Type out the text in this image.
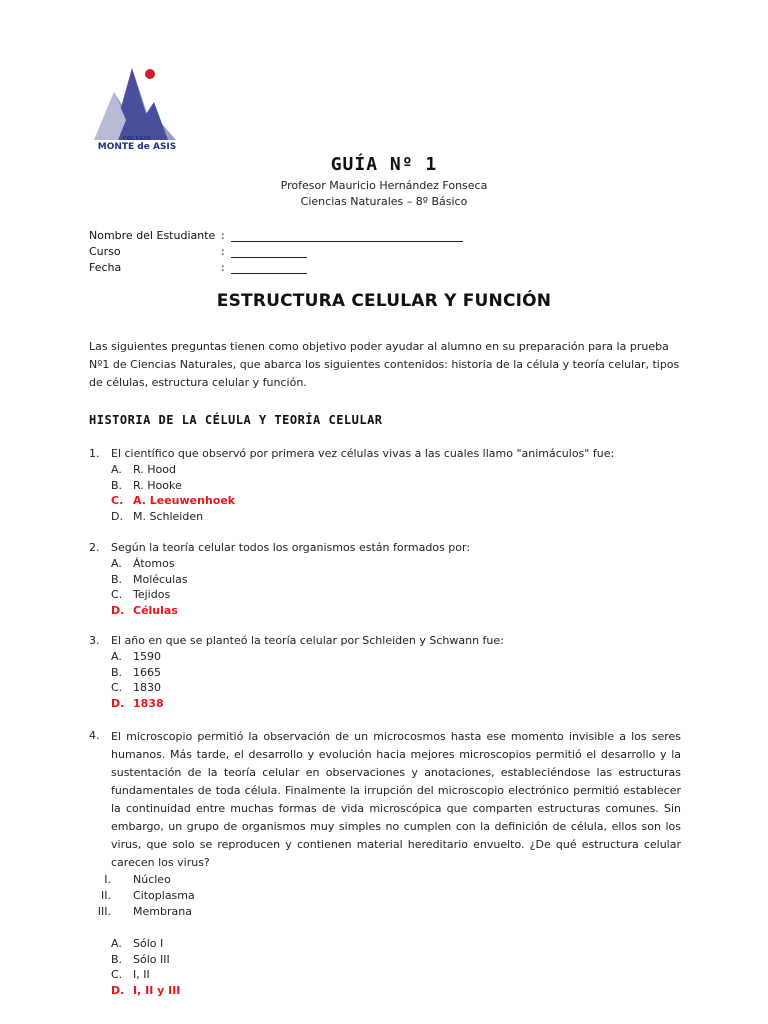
COLEGIO
MONTE de ASIS
GUÍA Nº 1
Profesor Mauricio Hernández Fonseca
Ciencias Naturales – 8º Básico
Nombre del Estudiante :
Curso	:
Fecha	:
ESTRUCTURA CELULAR Y FUNCIÓN
Las siguientes preguntas tienen como objetivo poder ayudar al alumno en su preparación para la prueba Nº1 de Ciencias Naturales, que abarca los siguientes contenidos: historia de la célula y teoría celular, tipos de células, estructura celular y función.
HISTORIA DE LA CÉLULA Y TEORÍA CELULAR
1.	El científico que observó por primera vez células vivas a las cuales llamo "animáculos" fue:
A.	R. Hood
B. R. Hooke
C. A. Leeuwenhoek
D. M. Schleiden
2.	Según la teoría celular todos los organismos están formados por:
A.	Átomos
B. Moléculas
C. Tejidos
D. Células
3.	El año en que se planteó la teoría celular por Schleiden y Schwann fue:
A.	1590
B. 1665
C. 1830
D. 1838
4.	El microscopio permitió la observación de un microcosmos hasta ese momento invisible a los seres humanos. Más tarde, el desarrollo y evolución hacia mejores microscopios permitió el desarrollo y la sustentación de la teoría celular en observaciones y anotaciones, estableciéndose las estructuras fundamentales de toda célula. Finalmente la irrupción del microscopio electrónico permitió establecer la continuidad entre muchas formas de vida microscópica que comparten estructuras comunes. Sin embargo, un grupo de organismos muy simples no cumplen con la definición de célula, ellos son los virus, que solo se reproducen y contienen material hereditario envuelto. ¿De qué estructura celular carecen los virus?
I. Núcleo
II. Citoplasma
III. Membrana
A.	Sólo I
B. Sólo III
C. I, II
D. I, II y III
